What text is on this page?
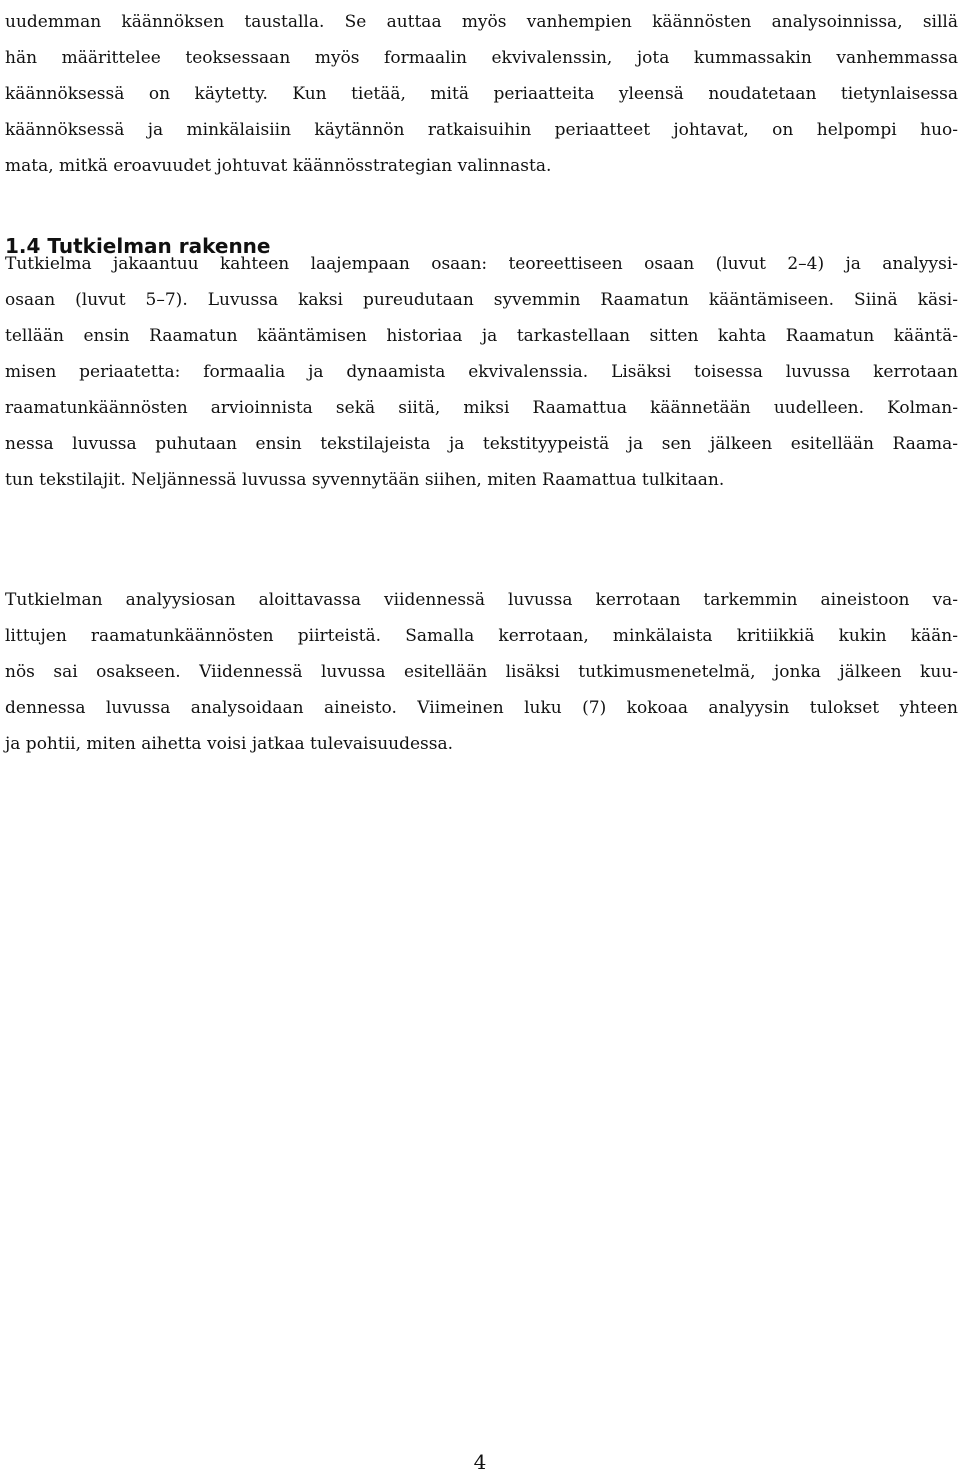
uudemman käännöksen taustalla. Se auttaa myös vanhempien käännösten analysoinnissa, sillä
hän määrittelee teoksessaan myös formaalin ekvivalenssin, jota kummassakin vanhemmassa
käännöksessä on käytetty. Kun tietää, mitä periaatteita yleensä noudatetaan tietynlaisessa
käännöksessä ja minkälaisiin käytännön ratkaisuihin periaatteet johtavat, on helpompi huo-
mata, mitkä eroavuudet johtuvat käännösstrategian valinnasta.

1.4 Tutkielman rakenne

Tutkielma jakaantuu kahteen laajempaan osaan: teoreettiseen osaan (luvut 2–4) ja analyysi-
osaan (luvut 5–7). Luvussa kaksi pureudutaan syvemmin Raamatun kääntämiseen. Siinä käsi-
tellään ensin Raamatun kääntämisen historiaa ja tarkastellaan sitten kahta Raamatun kääntä-
misen periaatetta: formaalia ja dynaamista ekvivalenssia. Lisäksi toisessa luvussa kerrotaan
raamatunkäännösten arvioinnista sekä siitä, miksi Raamattua käännetään uudelleen. Kolman-
nessa luvussa puhutaan ensin tekstilajeista ja tekstityypeistä ja sen jälkeen esitellään Raama-
tun tekstilajit. Neljännessä luvussa syvennytään siihen, miten Raamattua tulkitaan.

Tutkielman analyysiosan aloittavassa viidennessä luvussa kerrotaan tarkemmin aineistoon va-
littujen raamatunkäännösten piirteistä. Samalla kerrotaan, minkälaista kritiikkiä kukin kään-
nös sai osakseen. Viidennessä luvussa esitellään lisäksi tutkimusmenetelmä, jonka jälkeen kuu-
dennessa luvussa analysoidaan aineisto. Viimeinen luku (7) kokoaa analyysin tulokset yhteen
ja pohtii, miten aihetta voisi jatkaa tulevaisuudessa.

4
